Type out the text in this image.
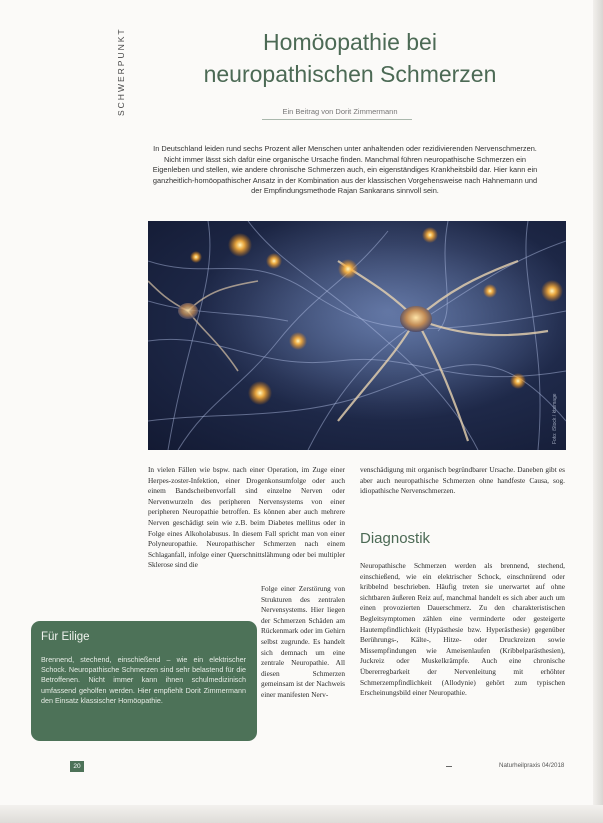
SCHWERPUNKT	Homöopathie bei
neuropathischen Schmerzen
Ein Beitrag von Dorit Zimmermann
In Deutschland leiden rund sechs Prozent aller Menschen unter anhaltenden oder rezidivierenden Nervenschmerzen. Nicht immer lässt sich dafür eine organische Ursache finden. Manchmal führen neuropathische Schmerzen ein Eigenleben und stellen, wie andere chronische Schmerzen auch, ein eigenständiges Krankheitsbild dar. Hier kann ein ganzheitlich-homöopathischer Ansatz in der Kombination aus der klassischen Vorgehensweise nach Hahnemann und der Empfindungsmethode Rajan Sankarans sinnvoll sein.
Foto: iStock / ktsimage

In vielen Fällen wie bspw. nach einer Operation, im Zuge einer Herpes-zoster-Infektion, einer Drogenkonsumfolge oder auch einem Bandscheibenvorfall sind einzelne Nerven oder Nervenwurzeln des peripheren Nervensystems von einer peripheren Neuropathie betroffen. Es können aber auch mehrere Nerven geschädigt sein wie z.B. beim Diabetes mellitus oder in Folge eines Alkoholabusus. In diesem Fall spricht man von einer Polyneuropathie. Neuropathischer Schmerzen nach einem Schlaganfall, infolge einer Querschnittslähmung oder bei multipler Sklerose sind die

Folge einer Zerstörung von Strukturen des zentralen Nervensystems. Hier liegen der Schmerzen Schäden am Rückenmark oder im Gehirn selbst zugrunde. Es handelt sich demnach um eine zentrale Neuropathie. All diesen Schmerzen gemeinsam ist der Nachweis einer manifesten Nerv-

venschädigung mit organisch begründbarer Ursache. Daneben gibt es aber auch neuropathische Schmerzen ohne handfeste Causa, sog. idiopathische Nervenschmerzen.

Diagnostik

Neuropathische Schmerzen werden als brennend, stechend, einschießend, wie ein elektrischer Schock, einschnürend oder kribbelnd beschrieben. Häufig treten sie unerwartet auf ohne sichtbaren äußeren Reiz auf, manchmal handelt es sich aber auch um einen provozierten Dauerschmerz. Zu den charakteristischen Begleitsymptomen zählen eine verminderte oder gesteigerte Hautempfindlichkeit (Hypästhesie bzw. Hyperästhesie) gegenüber Berührungs-, Kälte-, Hitze- oder Druckreizen sowie Missempfindungen wie Ameisenlaufen (Kribbelparästhesien), Juckreiz oder Muskelkrämpfe. Auch eine chronische Übererregbarkeit der Nervenleitung mit erhöhter Schmerzempfindlichkeit (Allodynie) gehört zum typischen Erscheinungsbild einer Neuropathie.

Für Eilige

Brennend, stechend, einschießend – wie ein elektrischer Schock. Neuropathische Schmerzen sind sehr belastend für die Betroffenen. Nicht immer kann ihnen schulmedizinisch umfassend geholfen werden. Hier empfiehlt Dorit Zimmermann den Einsatz klassischer Homöopathie.

20	Naturheilpraxis 04/2018
